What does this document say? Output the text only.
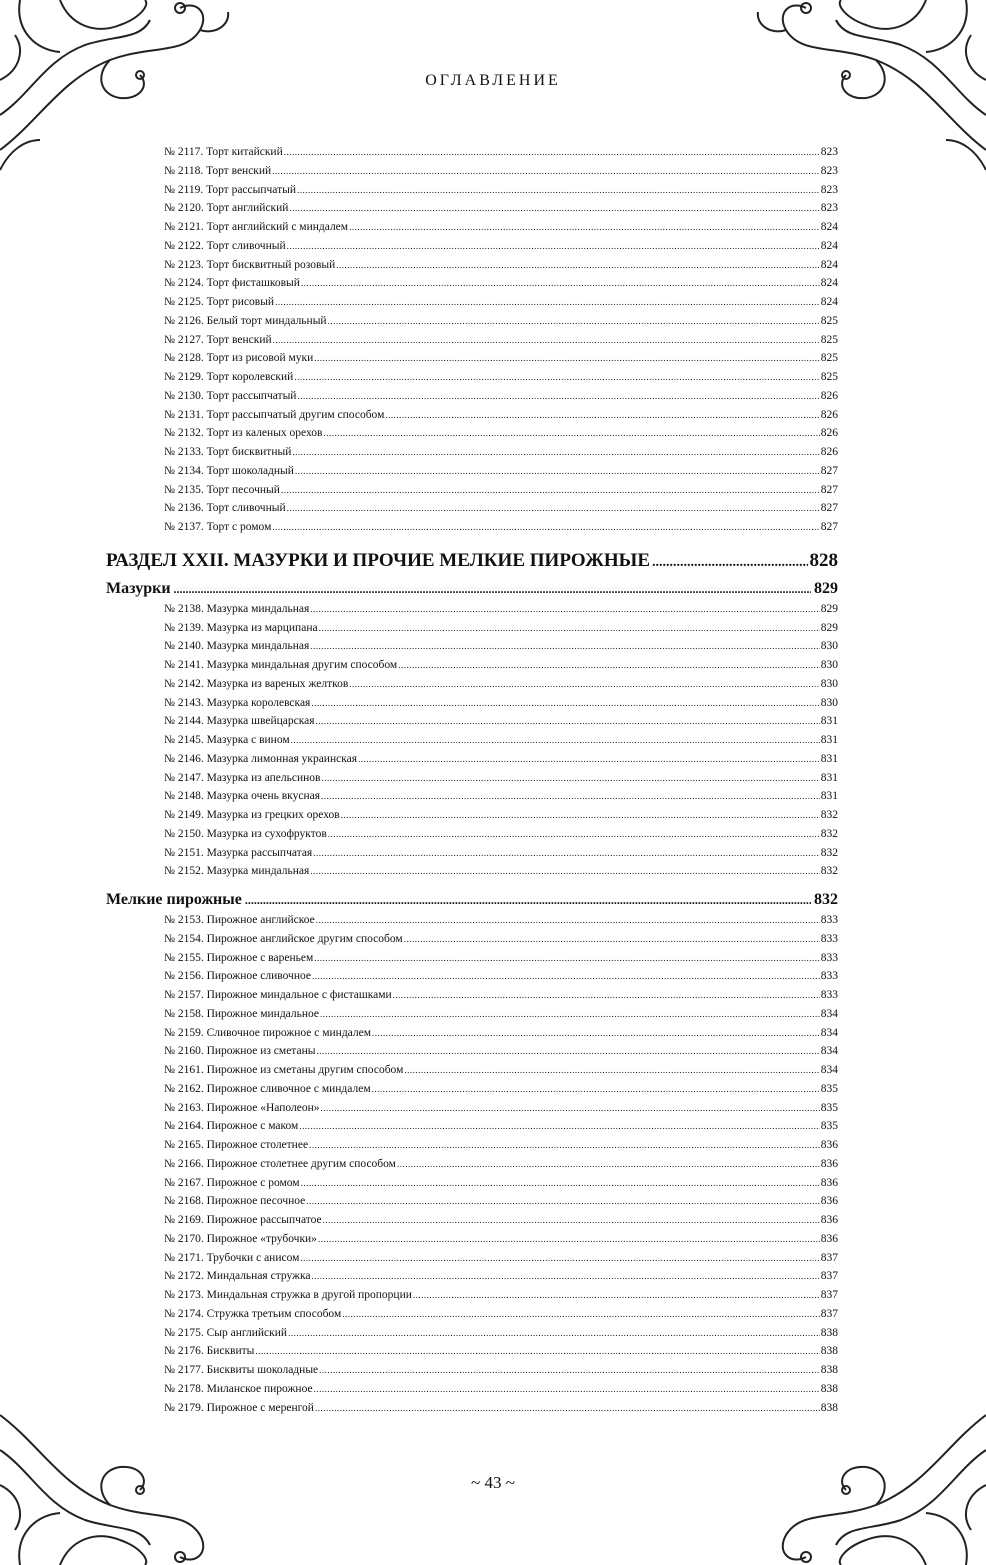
ОГЛАВЛЕНИЕ
№ 2117. Торт китайский .....	823
№ 2118. Торт венский .....	823
№ 2119. Торт рассыпчатый .....	823
№ 2120. Торт английский .....	823
№ 2121. Торт английский с миндалем .....	824
№ 2122. Торт сливочный .....	824
№ 2123. Торт бисквитный розовый .....	824
№ 2124. Торт фисташковый .....	824
№ 2125. Торт рисовый .....	824
№ 2126. Белый торт миндальный .....	825
№ 2127. Торт венский .....	825
№ 2128. Торт из рисовой муки .....	825
№ 2129. Торт королевский .....	825
№ 2130. Торт рассыпчатый .....	826
№ 2131. Торт рассыпчатый другим способом .....	826
№ 2132. Торт из каленых орехов .....	826
№ 2133. Торт бисквитный .....	826
№ 2134. Торт шоколадный .....	827
№ 2135. Торт песочный .....	827
№ 2136. Торт сливочный .....	827
№ 2137. Торт с ромом .....	827
РАЗДЕЛ XXII. МАЗУРКИ И ПРОЧИЕ МЕЛКИЕ ПИРОЖНЫЕ .....	828
Мазурки .....	829
№ 2138. Мазурка миндальная .....	829
№ 2139. Мазурка из марципана .....	829
№ 2140. Мазурка миндальная .....	830
№ 2141. Мазурка миндальная другим способом .....	830
№ 2142. Мазурка из вареных желтков .....	830
№ 2143. Мазурка королевская .....	830
№ 2144. Мазурка швейцарская .....	831
№ 2145. Мазурка с вином .....	831
№ 2146. Мазурка лимонная украинская .....	831
№ 2147. Мазурка из апельсинов .....	831
№ 2148. Мазурка очень вкусная .....	831
№ 2149. Мазурка из грецких орехов .....	832
№ 2150. Мазурка из сухофруктов .....	832
№ 2151. Мазурка рассыпчатая .....	832
№ 2152. Мазурка миндальная .....	832
Мелкие пирожные .....	832
№ 2153. Пирожное английское .....	833
№ 2154. Пирожное английское другим способом .....	833
№ 2155. Пирожное с вареньем .....	833
№ 2156. Пирожное сливочное .....	833
№ 2157. Пирожное миндальное с фисташками .....	833
№ 2158. Пирожное миндальное .....	834
№ 2159. Сливочное пирожное с миндалем .....	834
№ 2160. Пирожное из сметаны .....	834
№ 2161. Пирожное из сметаны другим способом .....	834
№ 2162. Пирожное сливочное с миндалем .....	835
№ 2163. Пирожное «Наполеон» .....	835
№ 2164. Пирожное с маком .....	835
№ 2165. Пирожное столетнее .....	836
№ 2166. Пирожное столетнее другим способом .....	836
№ 2167. Пирожное с ромом .....	836
№ 2168. Пирожное песочное .....	836
№ 2169. Пирожное рассыпчатое .....	836
№ 2170. Пирожное «трубочки» .....	836
№ 2171. Трубочки с анисом .....	837
№ 2172. Миндальная стружка .....	837
№ 2173. Миндальная стружка в другой пропорции .....	837
№ 2174. Стружка третьим способом .....	837
№ 2175. Сыр английский .....	838
№ 2176. Бисквиты .....	838
№ 2177. Бисквиты шоколадные .....	838
№ 2178. Миланское пирожное .....	838
№ 2179. Пирожное с меренгой .....	838
~ 43 ~
